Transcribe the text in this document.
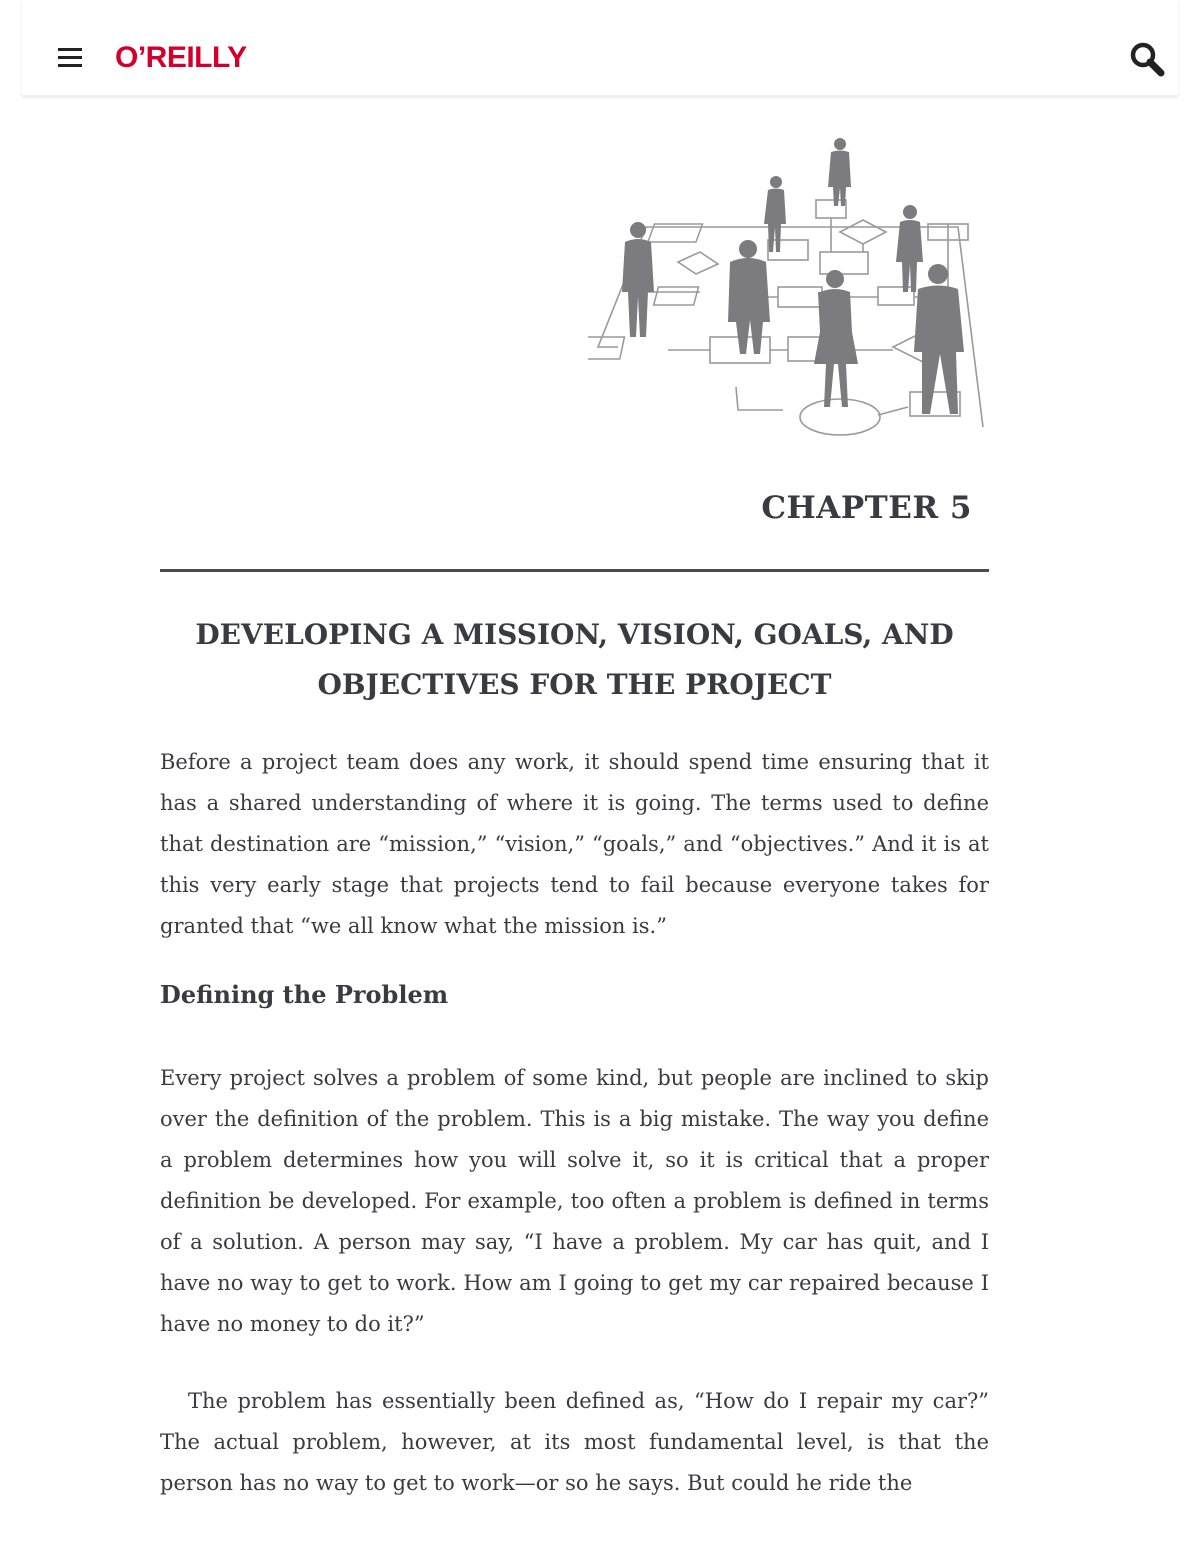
O’REILLY
CHAPTER 5
DEVELOPING A MISSION, VISION, GOALS, AND OBJECTIVES FOR THE PROJECT

Before a project team does any work, it should spend time ensuring that it has a shared understanding of where it is going. The terms used to define that destination are “mission,” “vision,” “goals,” and “objectives.” And it is at this very early stage that projects tend to fail because everyone takes for granted that “we all know what the mission is.”

Defining the Problem

Every project solves a problem of some kind, but people are inclined to skip over the definition of the problem. This is a big mistake. The way you define a problem determines how you will solve it, so it is critical that a proper definition be developed. For example, too often a problem is defined in terms of a solution. A person may say, “I have a problem. My car has quit, and I have no way to get to work. How am I going to get my car repaired because I have no money to do it?”

The problem has essentially been defined as, “How do I repair my car?” The actual problem, however, at its most fundamental level, is that the person has no way to get to work—or so he says. But could he ride the
